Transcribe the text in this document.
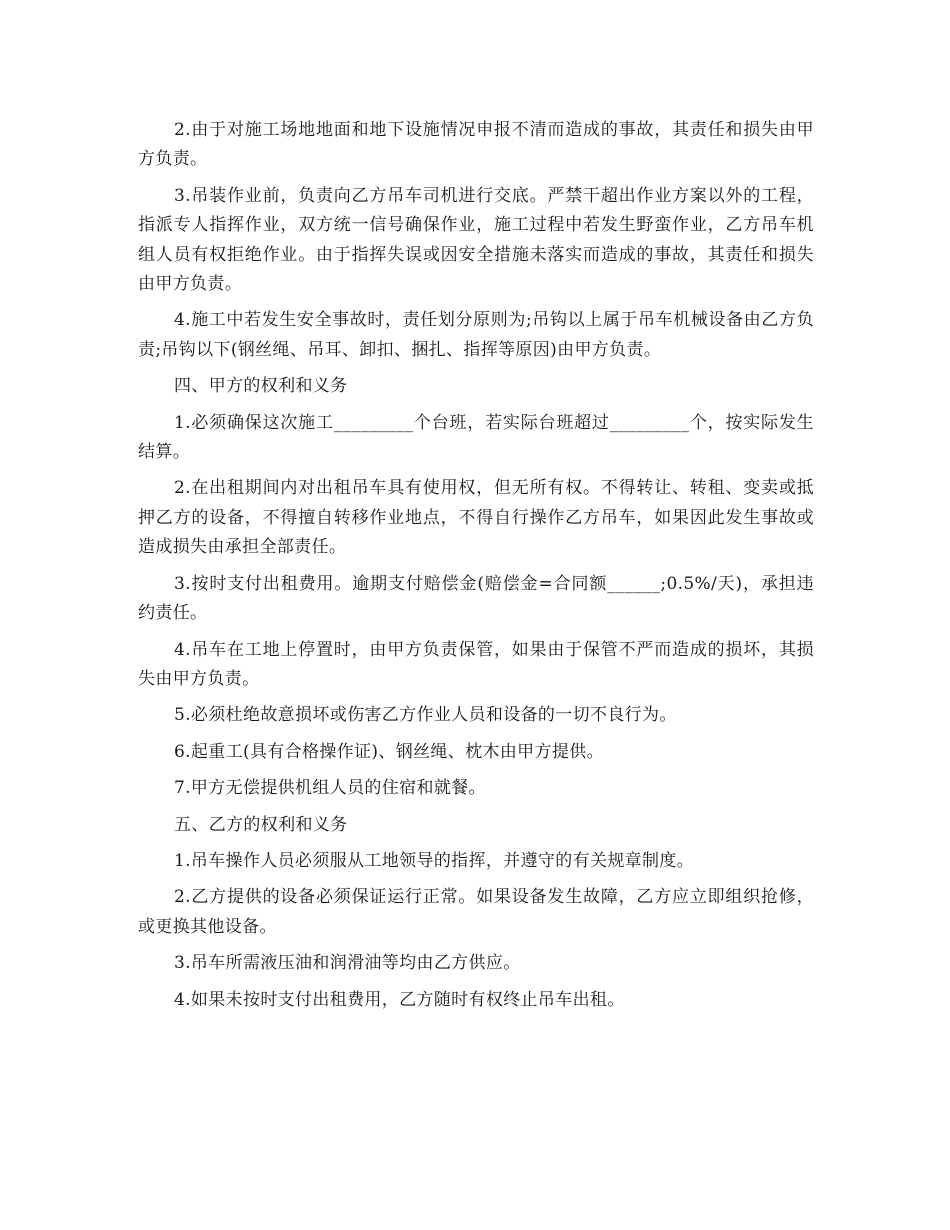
2.由于对施工场地地面和地下设施情况申报不清而造成的事故，其责任和损失由甲方负责。

3.吊装作业前，负责向乙方吊车司机进行交底。严禁干超出作业方案以外的工程，指派专人指挥作业，双方统一信号确保作业，施工过程中若发生野蛮作业，乙方吊车机组人员有权拒绝作业。由于指挥失误或因安全措施未落实而造成的事故，其责任和损失由甲方负责。

4.施工中若发生安全事故时，责任划分原则为;吊钩以上属于吊车机械设备由乙方负责;吊钩以下(钢丝绳、吊耳、卸扣、捆扎、指挥等原因)由甲方负责。

四、甲方的权利和义务

1.必须确保这次施工_________个台班，若实际台班超过_________个，按实际发生结算。

2.在出租期间内对出租吊车具有使用权，但无所有权。不得转让、转租、变卖或抵押乙方的设备，不得擅自转移作业地点，不得自行操作乙方吊车，如果因此发生事故或造成损失由承担全部责任。

3.按时支付出租费用。逾期支付赔偿金(赔偿金=合同额______;0.5%/天)，承担违约责任。

4.吊车在工地上停置时，由甲方负责保管，如果由于保管不严而造成的损坏，其损失由甲方负责。

5.必须杜绝故意损坏或伤害乙方作业人员和设备的一切不良行为。

6.起重工(具有合格操作证)、钢丝绳、枕木由甲方提供。

7.甲方无偿提供机组人员的住宿和就餐。

五、乙方的权利和义务

1.吊车操作人员必须服从工地领导的指挥，并遵守的有关规章制度。

2.乙方提供的设备必须保证运行正常。如果设备发生故障，乙方应立即组织抢修，或更换其他设备。

3.吊车所需液压油和润滑油等均由乙方供应。

4.如果未按时支付出租费用，乙方随时有权终止吊车出租。
